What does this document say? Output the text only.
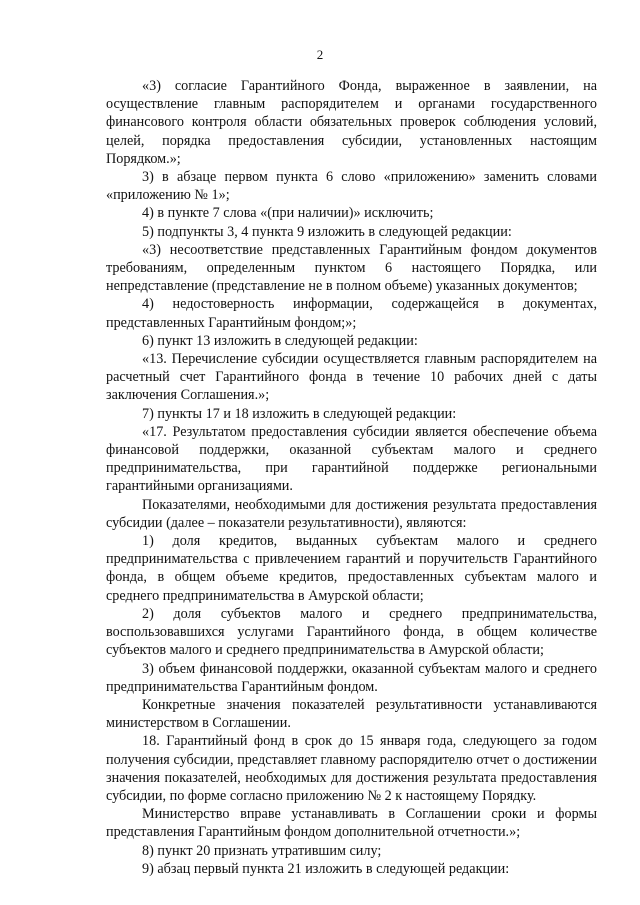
2

«3) согласие Гарантийного Фонда, выраженное в заявлении, на осуществление главным распорядителем и органами государственного финансового контроля области обязательных проверок соблюдения условий, целей, порядка предоставления субсидии, установленных настоящим Порядком.»;

3) в абзаце первом пункта 6 слово «приложению» заменить словами «приложению № 1»;

4) в пункте 7 слова «(при наличии)» исключить;

5) подпункты 3, 4 пункта 9 изложить в следующей редакции:

«3) несоответствие представленных Гарантийным фондом документов требованиям, определенным пунктом 6 настоящего Порядка, или непредставление (представление не в полном объеме) указанных документов;

4) недостоверность информации, содержащейся в документах, представленных Гарантийным фондом;»;

6) пункт 13 изложить в следующей редакции:

«13. Перечисление субсидии осуществляется главным распорядителем на расчетный счет Гарантийного фонда в течение 10 рабочих дней с даты заключения Соглашения.»;

7) пункты 17 и 18 изложить в следующей редакции:

«17. Результатом предоставления субсидии является обеспечение объема финансовой поддержки, оказанной субъектам малого и среднего предпринимательства, при гарантийной поддержке региональными гарантийными организациями.

Показателями, необходимыми для достижения результата предоставления субсидии (далее – показатели результативности), являются:

1) доля кредитов, выданных субъектам малого и среднего предпринимательства с привлечением гарантий и поручительств Гарантийного фонда, в общем объеме кредитов, предоставленных субъектам малого и среднего предпринимательства в Амурской области;

2) доля субъектов малого и среднего предпринимательства, воспользовавшихся услугами Гарантийного фонда, в общем количестве субъектов малого и среднего предпринимательства в Амурской области;

3) объем финансовой поддержки, оказанной субъектам малого и среднего предпринимательства Гарантийным фондом.

Конкретные значения показателей результативности устанавливаются министерством в Соглашении.

18. Гарантийный фонд в срок до 15 января года, следующего за годом получения субсидии, представляет главному распорядителю отчет о достижении значения показателей, необходимых для достижения результата предоставления субсидии, по форме согласно приложению № 2 к настоящему Порядку.

Министерство вправе устанавливать в Соглашении сроки и формы представления Гарантийным фондом дополнительной отчетности.»;

8) пункт 20 признать утратившим силу;

9) абзац первый пункта 21 изложить в следующей редакции:
